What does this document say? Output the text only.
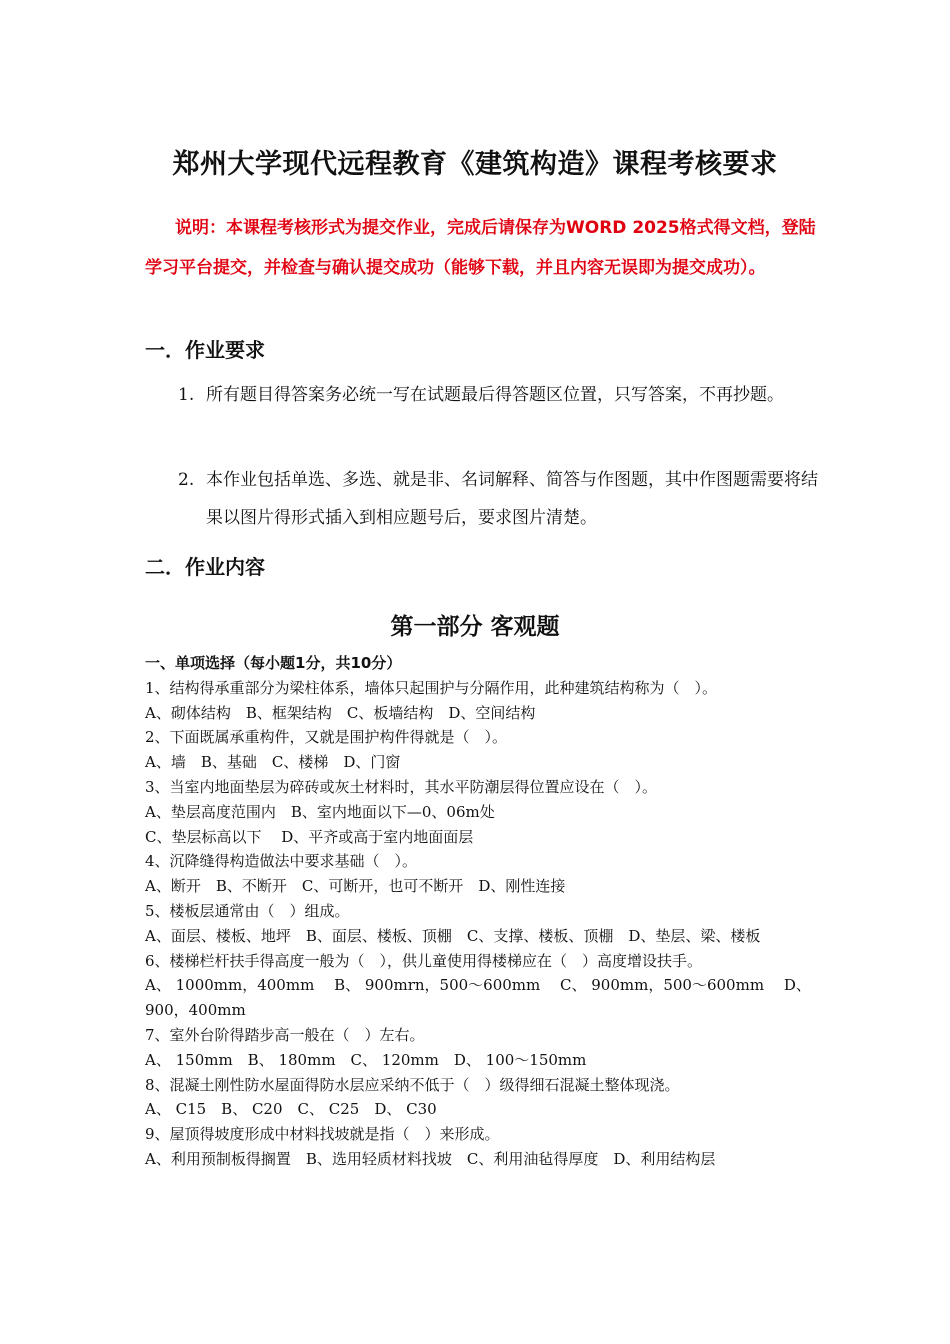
郑州大学现代远程教育《建筑构造》课程考核要求
说明：本课程考核形式为提交作业，完成后请保存为WORD 2025格式得文档，登陆学习平台提交，并检查与确认提交成功（能够下载，并且内容无误即为提交成功）。
一．作业要求
1. 所有题目得答案务必统一写在试题最后得答题区位置，只写答案，不再抄题。
2. 本作业包括单选、多选、就是非、名词解释、简答与作图题，其中作图题需要将结果以图片得形式插入到相应题号后，要求图片清楚。
二．作业内容
第一部分 客观题
一、单项选择（每小题1分，共10分）
1、结构得承重部分为梁柱体系，墙体只起围护与分隔作用，此种建筑结构称为（　）。
A、砌体结构　B、框架结构　C、板墙结构　D、空间结构
2、下面既属承重构件，又就是围护构件得就是（　）。
A、墙　B、基础　C、楼梯　D、门窗
3、当室内地面垫层为碎砖或灰土材料时，其水平防潮层得位置应设在（　）。
A、垫层高度范围内　B、室内地面以下—0、06m处
C、垫层标高以下　 D、平齐或高于室内地面面层
4、沉降缝得构造做法中要求基础（　）。
A、断开　B、不断开　C、可断开，也可不断开　D、刚性连接
5、楼板层通常由（　）组成。
A、面层、楼板、地坪　B、面层、楼板、顶棚　C、支撑、楼板、顶棚　D、垫层、梁、楼板
6、楼梯栏杆扶手得高度一般为（　），供儿童使用得楼梯应在（　）高度增设扶手。
A、 1000mm，400mm　 B、 900mrn，500～600mm　 C、 900mm，500～600mm　 D、900，400mm
7、室外台阶得踏步高一般在（　）左右。
A、 150mm　B、 180mm　C、 120mm　D、 100～150mm
8、混凝土刚性防水屋面得防水层应采纳不低于（　）级得细石混凝土整体现浇。
A、 C15　B、 C20　C、 C25　D、 C30
9、屋顶得坡度形成中材料找坡就是指（　）来形成。
A、利用预制板得搁置　B、选用轻质材料找坡　C、利用油毡得厚度　D、利用结构层
